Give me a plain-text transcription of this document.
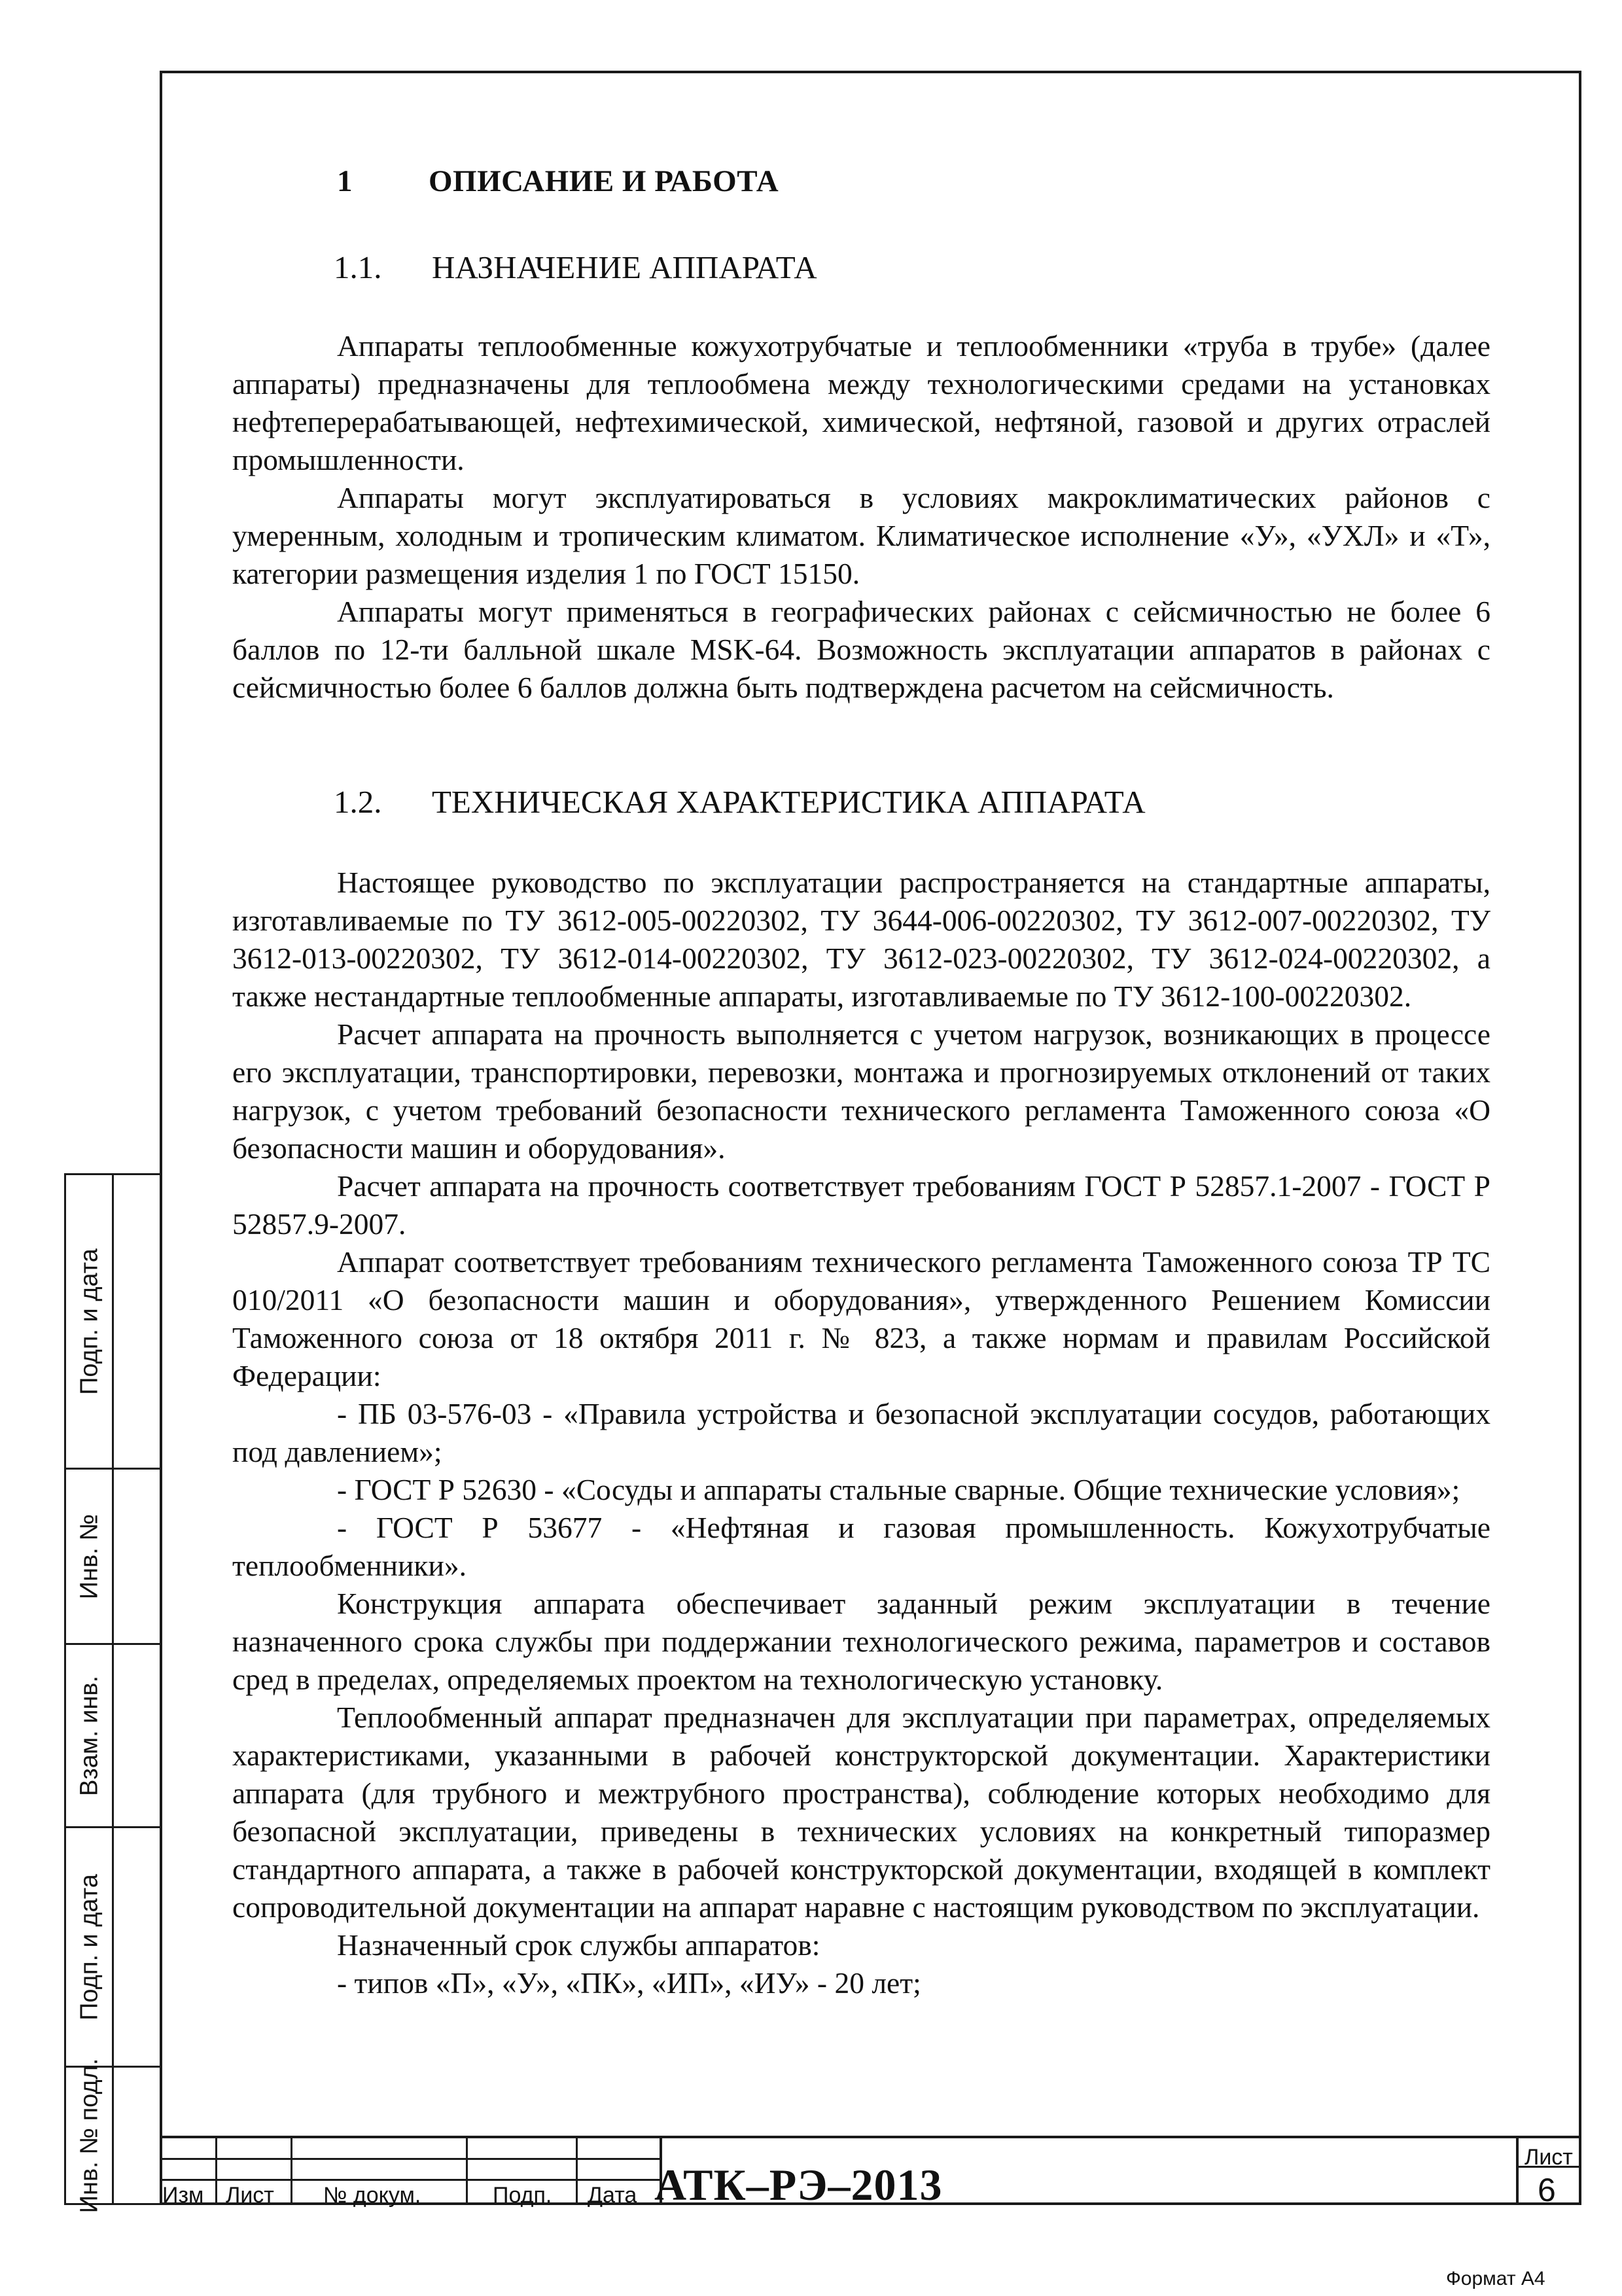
Подп. и дата
Инв. №
Взам. инв.
Подп. и дата
Инв. № подл.
1 ОПИСАНИЕ И РАБОТА
1.1. НАЗНАЧЕНИЕ АППАРАТА

Аппараты теплообменные кожухотрубчатые и теплообменники «труба в трубе» (далее аппараты) предназначены для теплообмена между технологическими средами на установках нефтеперерабатывающей, нефтехимической, химической, нефтяной, газовой и других отраслей промышленности.

Аппараты могут эксплуатироваться в условиях макроклиматических районов с умеренным, холодным и тропическим климатом. Климатическое исполнение «У», «УХЛ» и «Т», категории размещения изделия 1 по ГОСТ 15150.

Аппараты могут применяться в географических районах с сейсмичностью не более 6 баллов по 12-ти балльной шкале MSK-64. Возможность эксплуатации аппаратов в районах с сейсмичностью более 6 баллов должна быть подтверждена расчетом на сейсмичность.

1.2. ТЕХНИЧЕСКАЯ ХАРАКТЕРИСТИКА АППАРАТА

Настоящее руководство по эксплуатации распространяется на стандартные аппараты, изготавливаемые по ТУ 3612-005-00220302, ТУ 3644-006-00220302, ТУ 3612-007-00220302, ТУ 3612-013-00220302, ТУ 3612-014-00220302, ТУ 3612-023-00220302, ТУ 3612-024-00220302, а также нестандартные теплообменные аппараты, изготавливаемые по ТУ 3612-100-00220302.

Расчет аппарата на прочность выполняется с учетом нагрузок, возникающих в процессе его эксплуатации, транспортировки, перевозки, монтажа и прогнозируемых отклонений от таких нагрузок, с учетом требований безопасности технического регламента Таможенного союза «О безопасности машин и оборудования».

Расчет аппарата на прочность соответствует требованиям ГОСТ Р 52857.1-2007 - ГОСТ Р 52857.9-2007.

Аппарат соответствует требованиям технического регламента Таможенного союза ТР ТС 010/2011 «О безопасности машин и оборудования», утвержденного Решением Комиссии Таможенного союза от 18 октября 2011 г. № 823, а также нормам и правилам Российской Федерации:

- ПБ 03-576-03 - «Правила устройства и безопасной эксплуатации сосудов, работающих под давлением»;

- ГОСТ Р 52630 - «Сосуды и аппараты стальные сварные. Общие технические условия»;

- ГОСТ Р 53677 - «Нефтяная и газовая промышленность. Кожухотрубчатые теплообменники».

Конструкция аппарата обеспечивает заданный режим эксплуатации в течение назначенного срока службы при поддержании технологического режима, параметров и составов сред в пределах, определяемых проектом на технологическую установку.

Теплообменный аппарат предназначен для эксплуатации при параметрах, определяемых характеристиками, указанными в рабочей конструкторской документации. Характеристики аппарата (для трубного и межтрубного пространства), соблюдение которых необходимо для безопасной эксплуатации, приведены в технических условиях на конкретный типоразмер стандартного аппарата, а также в рабочей конструкторской документации, входящей в комплект сопроводительной документации на аппарат наравне с настоящим руководством по эксплуатации.

Назначенный срок службы аппаратов:

- типов «П», «У», «ПК», «ИП», «ИУ» - 20 лет;

Изм Лист № докум.	Подп. Дата АТК–РЭ–2013
Лист
6
Формат А4
